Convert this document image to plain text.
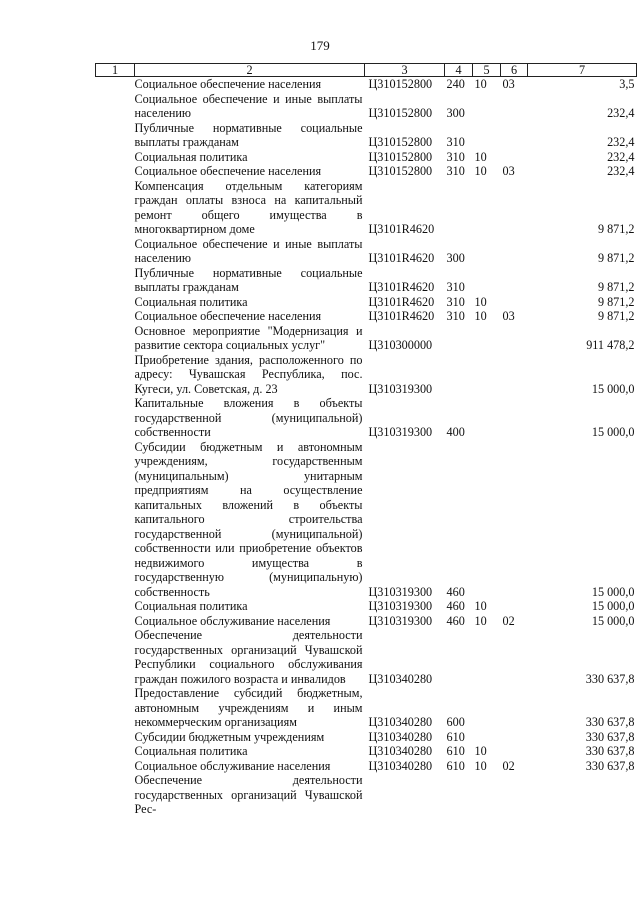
179
1	2	3	4	5	6	7
	Социальное обеспечение населения	Ц310152800	240	10	03	3,5
	Социальное обеспечение и иные выплаты населению	Ц310152800	300			232,4
	Публичные нормативные социальные выплаты гражданам	Ц310152800	310			232,4
	Социальная политика	Ц310152800	310	10		232,4
	Социальное обеспечение населения	Ц310152800	310	10	03	232,4
	Компенсация отдельным категориям граждан оплаты взноса на капитальный ремонт общего имущества в многоквартирном доме	Ц3101R4620				9 871,2
	Социальное обеспечение и иные выплаты населению	Ц3101R4620	300			9 871,2
	Публичные нормативные социальные выплаты гражданам	Ц3101R4620	310			9 871,2
	Социальная политика	Ц3101R4620	310	10		9 871,2
	Социальное обеспечение населения	Ц3101R4620	310	10	03	9 871,2
	Основное мероприятие "Модернизация и развитие сектора социальных услуг"	Ц310300000				911 478,2
	Приобретение здания, расположенного по адресу: Чувашская Республика, пос. Кугеси, ул. Советская, д. 23	Ц310319300				15 000,0
	Капитальные вложения в объекты государственной (муниципальной) собственности	Ц310319300	400			15 000,0
	Субсидии бюджетным и автономным учреждениям, государственным (муниципальным) унитарным предприятиям на осуществление капитальных вложений в объекты капитального строительства государственной (муниципальной) собственности или приобретение объектов недвижимого имущества в государственную (муниципальную) собственность	Ц310319300	460			15 000,0
	Социальная политика	Ц310319300	460	10		15 000,0
	Социальное обслуживание населения	Ц310319300	460	10	02	15 000,0
	Обеспечение деятельности государственных организаций Чувашской Республики социального обслуживания граждан пожилого возраста и инвалидов	Ц310340280				330 637,8
	Предоставление субсидий бюджетным, автономным учреждениям и иным некоммерческим организациям	Ц310340280	600			330 637,8
	Субсидии бюджетным учреждениям	Ц310340280	610			330 637,8
	Социальная политика	Ц310340280	610	10		330 637,8
	Социальное обслуживание населения	Ц310340280	610	10	02	330 637,8
	Обеспечение деятельности государственных организаций Чувашской Рес-					
